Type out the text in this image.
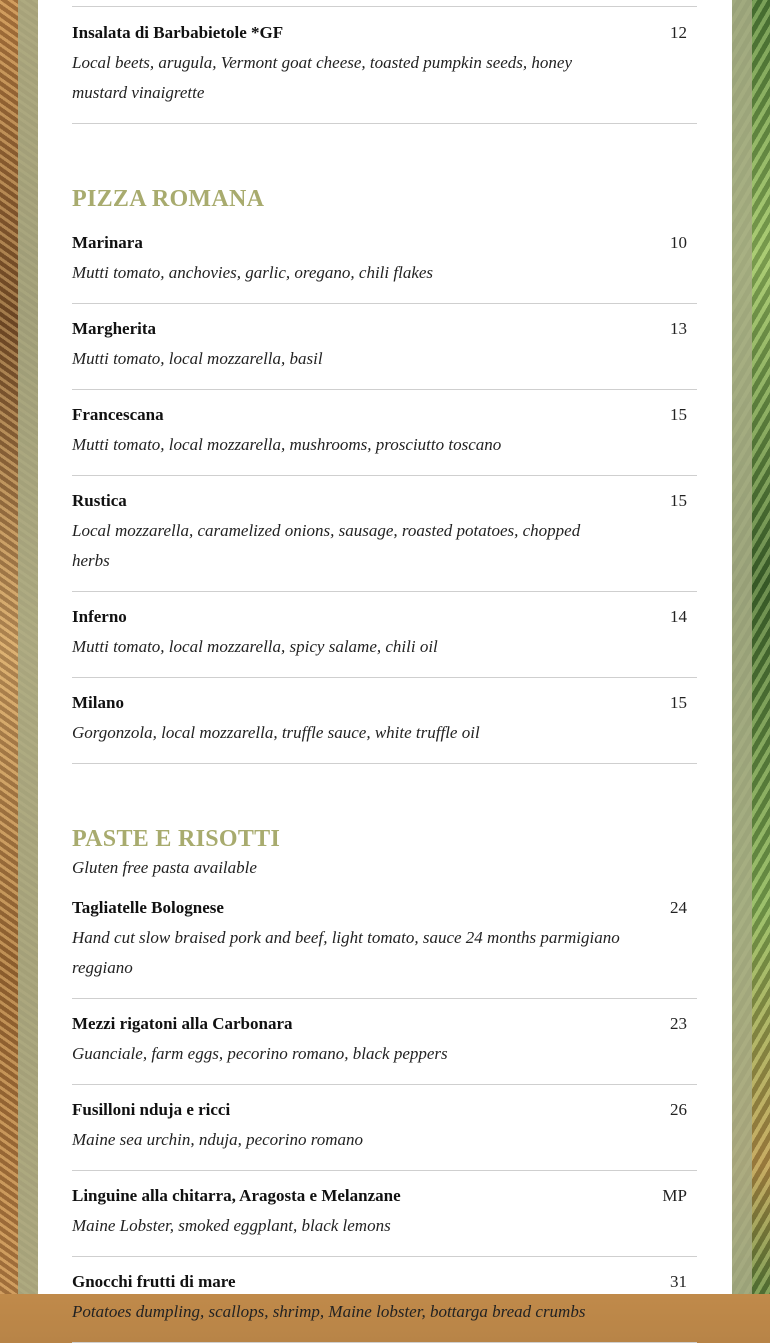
Insalata di Barbabietole *GF	12

Local beets, arugula, Vermont goat cheese, toasted pumpkin seeds, honey mustard vinaigrette

PIZZA ROMANA

Marinara	10

Mutti tomato, anchovies, garlic, oregano, chili flakes

Margherita	13

Mutti tomato, local mozzarella, basil

Francescana	15

Mutti tomato, local mozzarella, mushrooms, prosciutto toscano

Rustica	15

Local mozzarella, caramelized onions, sausage, roasted potatoes, chopped herbs

Inferno	14

Mutti tomato, local mozzarella, spicy salame, chili oil

Milano	15

Gorgonzola, local mozzarella, truffle sauce, white truffle oil

PASTE E RISOTTI

Gluten free pasta available

Tagliatelle Bolognese	24

Hand cut slow braised pork and beef, light tomato, sauce 24 months parmigiano reggiano

Mezzi rigatoni alla Carbonara	23

Guanciale, farm eggs, pecorino romano, black peppers

Fusilloni nduja e ricci	26

Maine sea urchin, nduja, pecorino romano

Linguine alla chitarra, Aragosta e Melanzane	MP

Maine Lobster, smoked eggplant, black lemons

Gnocchi frutti di mare	31

Potatoes dumpling, scallops, shrimp, Maine lobster, bottarga bread crumbs
